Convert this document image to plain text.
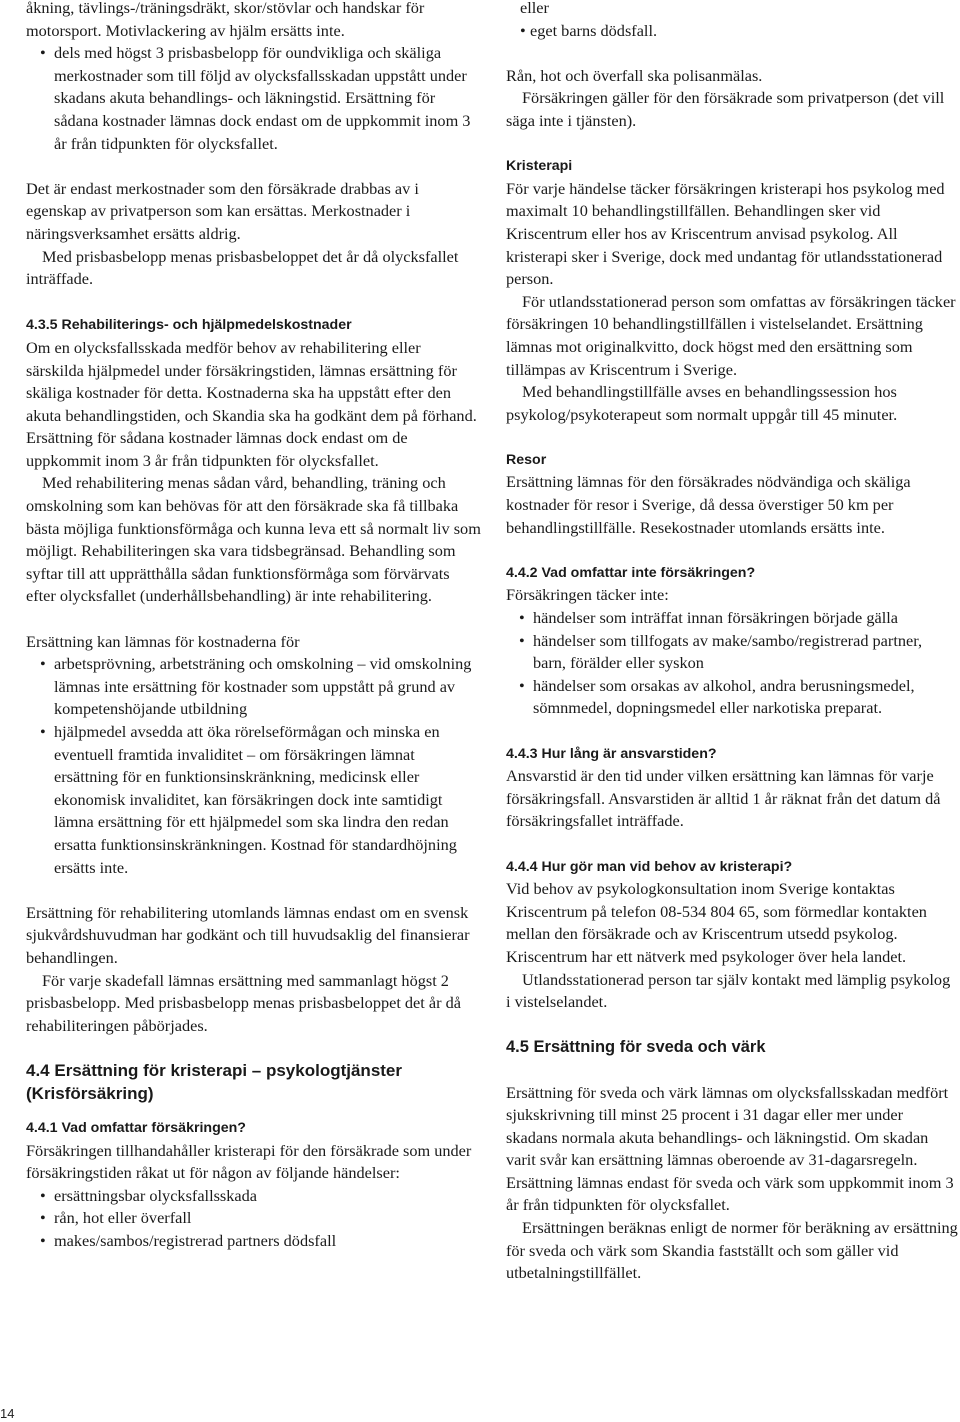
åkning, tävlings-/träningsdräkt, skor/stövlar och handskar för motorsport. Motivlackering av hjälm ersätts inte.

• dels med högst 3 prisbasbelopp för oundvikliga och skäliga merkostnader som till följd av olycksfallsskadan uppstått under skadans akuta behandlings- och läkningstid. Ersättning för sådana kostnader lämnas dock endast om de uppkommit inom 3 år från tidpunkten för olycksfallet.

Det är endast merkostnader som den försäkrade drabbas av i egenskap av privatperson som kan ersättas. Merkostnader i näringsverksamhet ersätts aldrig.

Med prisbasbelopp menas prisbasbeloppet det år då olycksfallet inträffade.

4.3.5 Rehabiliterings- och hjälpmedelskostnader
Om en olycksfallsskada medför behov av rehabilitering eller särskilda hjälpmedel under försäkringstiden, lämnas ersättning för skäliga kostnader för detta. Kostnaderna ska ha uppstått efter den akuta behandlingstiden, och Skandia ska ha godkänt dem på förhand. Ersättning för sådana kostnader lämnas dock endast om de uppkommit inom 3 år från tidpunkten för olycksfallet.

Med rehabilitering menas sådan vård, behandling, träning och omskolning som kan behövas för att den försäkrade ska få tillbaka bästa möjliga funktionsförmåga och kunna leva ett så normalt liv som möjligt. Rehabiliteringen ska vara tidsbegränsad. Behandling som syftar till att upprätthålla sådan funktionsförmåga som förvärvats efter olycksfallet (underhållsbehandling) är inte rehabilitering.

Ersättning kan lämnas för kostnaderna för

• arbetsprövning, arbetsträning och omskolning – vid omskolning lämnas inte ersättning för kostnader som uppstått på grund av kompetenshöjande utbildning

• hjälpmedel avsedda att öka rörelseförmågan och minska en eventuell framtida invaliditet – om försäkringen lämnat ersättning för en funktionsinskränkning, medicinsk eller ekonomisk invaliditet, kan försäkringen dock inte samtidigt lämna ersättning för ett hjälpmedel som ska lindra den redan ersatta funktionsinskränkningen. Kostnad för standardhöjning ersätts inte.

Ersättning för rehabilitering utomlands lämnas endast om en svensk sjukvårdshuvudman har godkänt och till huvudsaklig del finansierar behandlingen.

För varje skadefall lämnas ersättning med sammanlagt högst 2 prisbasbelopp. Med prisbasbelopp menas prisbasbeloppet det år då rehabiliteringen påbörjades.

4.4 Ersättning för kristerapi – psykologtjänster (Krisförsäkring)

4.4.1 Vad omfattar försäkringen?

Försäkringen tillhandahåller kristerapi för den försäkrade som under försäkringstiden råkat ut för någon av följande händelser:

• ersättningsbar olycksfallsskada

• rån, hot eller överfall

• makes/sambos/registrerad partners dödsfall

eller

• eget barns dödsfall.

Rån, hot och överfall ska polisanmälas.

Försäkringen gäller för den försäkrade som privatperson (det vill säga inte i tjänsten).

Kristerapi

För varje händelse täcker försäkringen kristerapi hos psykolog med maximalt 10 behandlingstillfällen. Behandlingen sker vid Kriscentrum eller hos av Kriscentrum anvisad psykolog. All kristerapi sker i Sverige, dock med undantag för utlandsstationerad person.

För utlandsstationerad person som omfattas av försäkringen täcker försäkringen 10 behandlingstillfällen i vistelselandet. Ersättning lämnas mot originalkvitto, dock högst med den ersättning som tillämpas av Kriscentrum i Sverige.

Med behandlingstillfälle avses en behandlingssession hos psykolog/psykoterapeut som normalt uppgår till 45 minuter.

Resor

Ersättning lämnas för den försäkrades nödvändiga och skäliga kostnader för resor i Sverige, då dessa överstiger 50 km per behandlingstillfälle. Resekostnader utomlands ersätts inte.

4.4.2 Vad omfattar inte försäkringen?

Försäkringen täcker inte:

• händelser som inträffat innan försäkringen började gälla

• händelser som tillfogats av make/sambo/registrerad partner, barn, förälder eller syskon

• händelser som orsakas av alkohol, andra berusningsmedel, sömnmedel, dopningsmedel eller narkotiska preparat.

4.4.3 Hur lång är ansvarstiden?

Ansvarstid är den tid under vilken ersättning kan lämnas för varje försäkringsfall. Ansvarstiden är alltid 1 år räknat från det datum då försäkringsfallet inträffade.

4.4.4 Hur gör man vid behov av kristerapi?

Vid behov av psykologkonsultation inom Sverige kontaktas Kriscentrum på telefon 08-534 804 65, som förmedlar kontakten mellan den försäkrade och av Kriscentrum utsedd psykolog. Kriscentrum har ett nätverk med psykologer över hela landet.

Utlandsstationerad person tar själv kontakt med lämplig psykolog i vistelselandet.

4.5 Ersättning för sveda och värk

Ersättning för sveda och värk lämnas om olycksfallsskadan medfört sjukskrivning till minst 25 procent i 31 dagar eller mer under skadans normala akuta behandlings- och läkningstid. Om skadan varit svår kan ersättning lämnas oberoende av 31-dagarsregeln. Ersättning lämnas endast för sveda och värk som uppkommit inom 3 år från tidpunkten för olycksfallet.

Ersättningen beräknas enligt de normer för beräkning av ersättning för sveda och värk som Skandia fastställt och som gäller vid utbetalningstillfället.

14
